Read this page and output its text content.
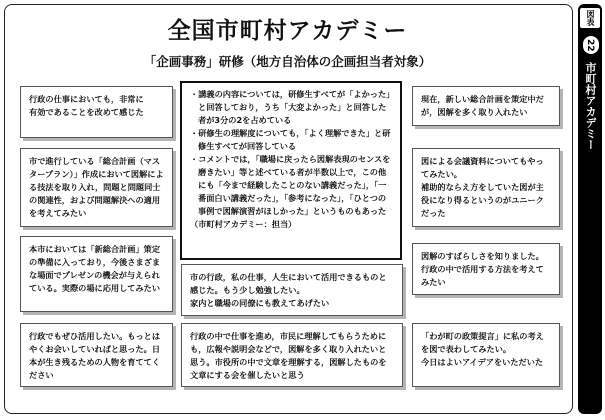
全国市町村アカデミー
「企画事務」研修（地方自治体の企画担当者対象）
行政の仕事においても，非常に
有効であることを改めて感じた
市で進行している「総合計画（マスタープラン）」作成において図解による技法を取り入れ，問題と問題同士の関連性，および問題解決への適用を考えてみたい
本市においては「新総合計画」策定の準備に入っており，今後さまざまな場面でプレゼンの機会が与えられている。実際の場に応用してみたい
行政でもぜひ活用したい。もっとはやくお会いしていればと思った。日本が生き残るための人物を育ててください
・講義の内容については，研修生すべてが「よかった」と回答しており，うち「大変よかった」と回答した者が3分の2を占めている
・研修生の理解度についても，「よく理解できた」と研修生すべてが回答している
・コメントでは，「職場に戻ったら図解表現のセンスを磨きたい」等と述べている者が半数以上で，この他にも「今まで経験したことのない講義だった」，「一番面白い講義だった」，「参考になった」，「ひとつの事例で図解演習がほしかった」というものもあった
（市町村アカデミー：担当）
市の行政，私の仕事，人生において活用できるものと感じた。もう少し勉強したい。
家内と職場の同僚にも教えてあげたい
行政の中で仕事を進め，市民に理解してもらうためにも，広報や説明会などで，図解を多く取り入れたいと思う。市役所の中で文章を理解する，図解したものを文章にする会を催したいと思う
現在，新しい総合計画を策定中だが，図解を多く取り入れたい
図による会議資料についてもやってみたい。
補助的ならえ方をしていた図が主役になり得るというのがユニークだった
図解のすばらしさを知りました。
行政の中で活用する方法を考えてみたい
「わが町の政策提言」に私の考えを図で表わしてみたい。
今日はよいアイデアをいただいた
図表 22 市町村アカデミー
